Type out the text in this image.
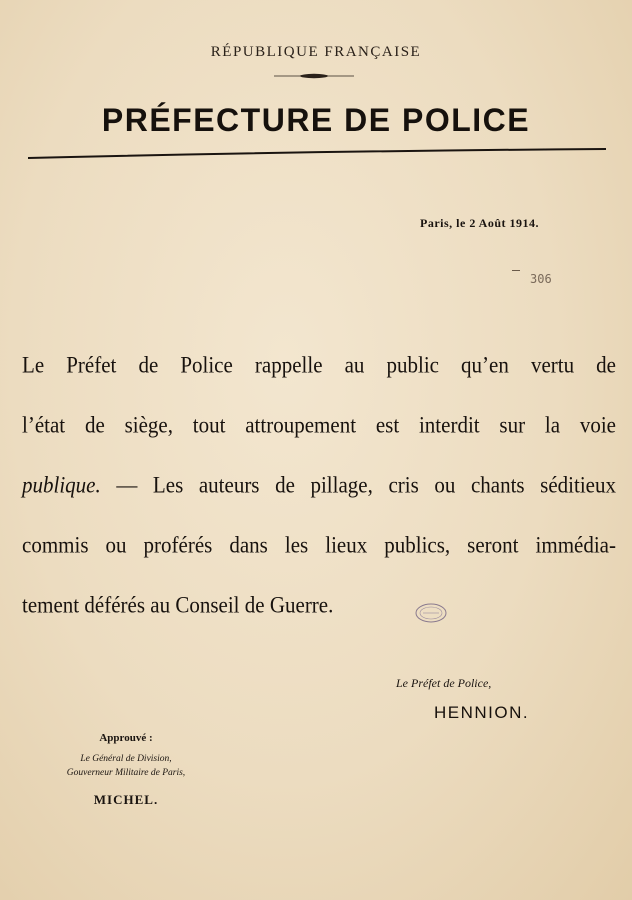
RÉPUBLIQUE FRANÇAISE
PRÉFECTURE DE POLICE
Paris, le 2 Août 1914.
306
Le Préfet de Police rappelle au public qu’en vertu de
l’état de siège, tout attroupement est interdit sur la voie
publique. — Les auteurs de pillage, cris ou chants séditieux
commis ou proférés dans les lieux publics, seront immédia-
tement déférés au Conseil de Guerre.
Le Préfet de Police,
HENNION.
Approuvé :
Le Général de Division,
Gouverneur Militaire de Paris,
MICHEL.
